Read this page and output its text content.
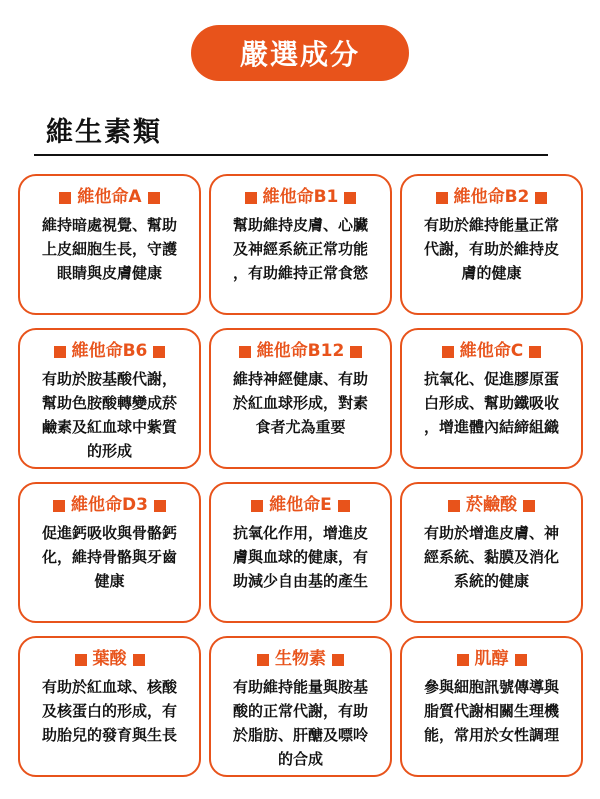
嚴選成分
維生素類
維他命A
維持暗處視覺、幫助
上皮細胞生長，守護
眼睛與皮膚健康
維他命B1
幫助維持皮膚、心臟
及神經系統正常功能
，有助維持正常食慾
維他命B2
有助於維持能量正常
代謝，有助於維持皮
膚的健康
維他命B6
有助於胺基酸代謝，
幫助色胺酸轉變成菸
鹼素及紅血球中紫質
的形成
維他命B12
維持神經健康、有助
於紅血球形成，對素
食者尤為重要
維他命C
抗氧化、促進膠原蛋
白形成、幫助鐵吸收
，增進體內結締組織
維他命D3
促進鈣吸收與骨骼鈣
化，維持骨骼與牙齒
健康
維他命E
抗氧化作用，增進皮
膚與血球的健康，有
助減少自由基的產生
菸鹼酸
有助於增進皮膚、神
經系統、黏膜及消化
系統的健康
葉酸
有助於紅血球、核酸
及核蛋白的形成，有
助胎兒的發育與生長
生物素
有助維持能量與胺基
酸的正常代謝，有助
於脂肪、肝醣及嘌呤
的合成
肌醇
參與細胞訊號傳導與
脂質代謝相關生理機
能，常用於女性調理
